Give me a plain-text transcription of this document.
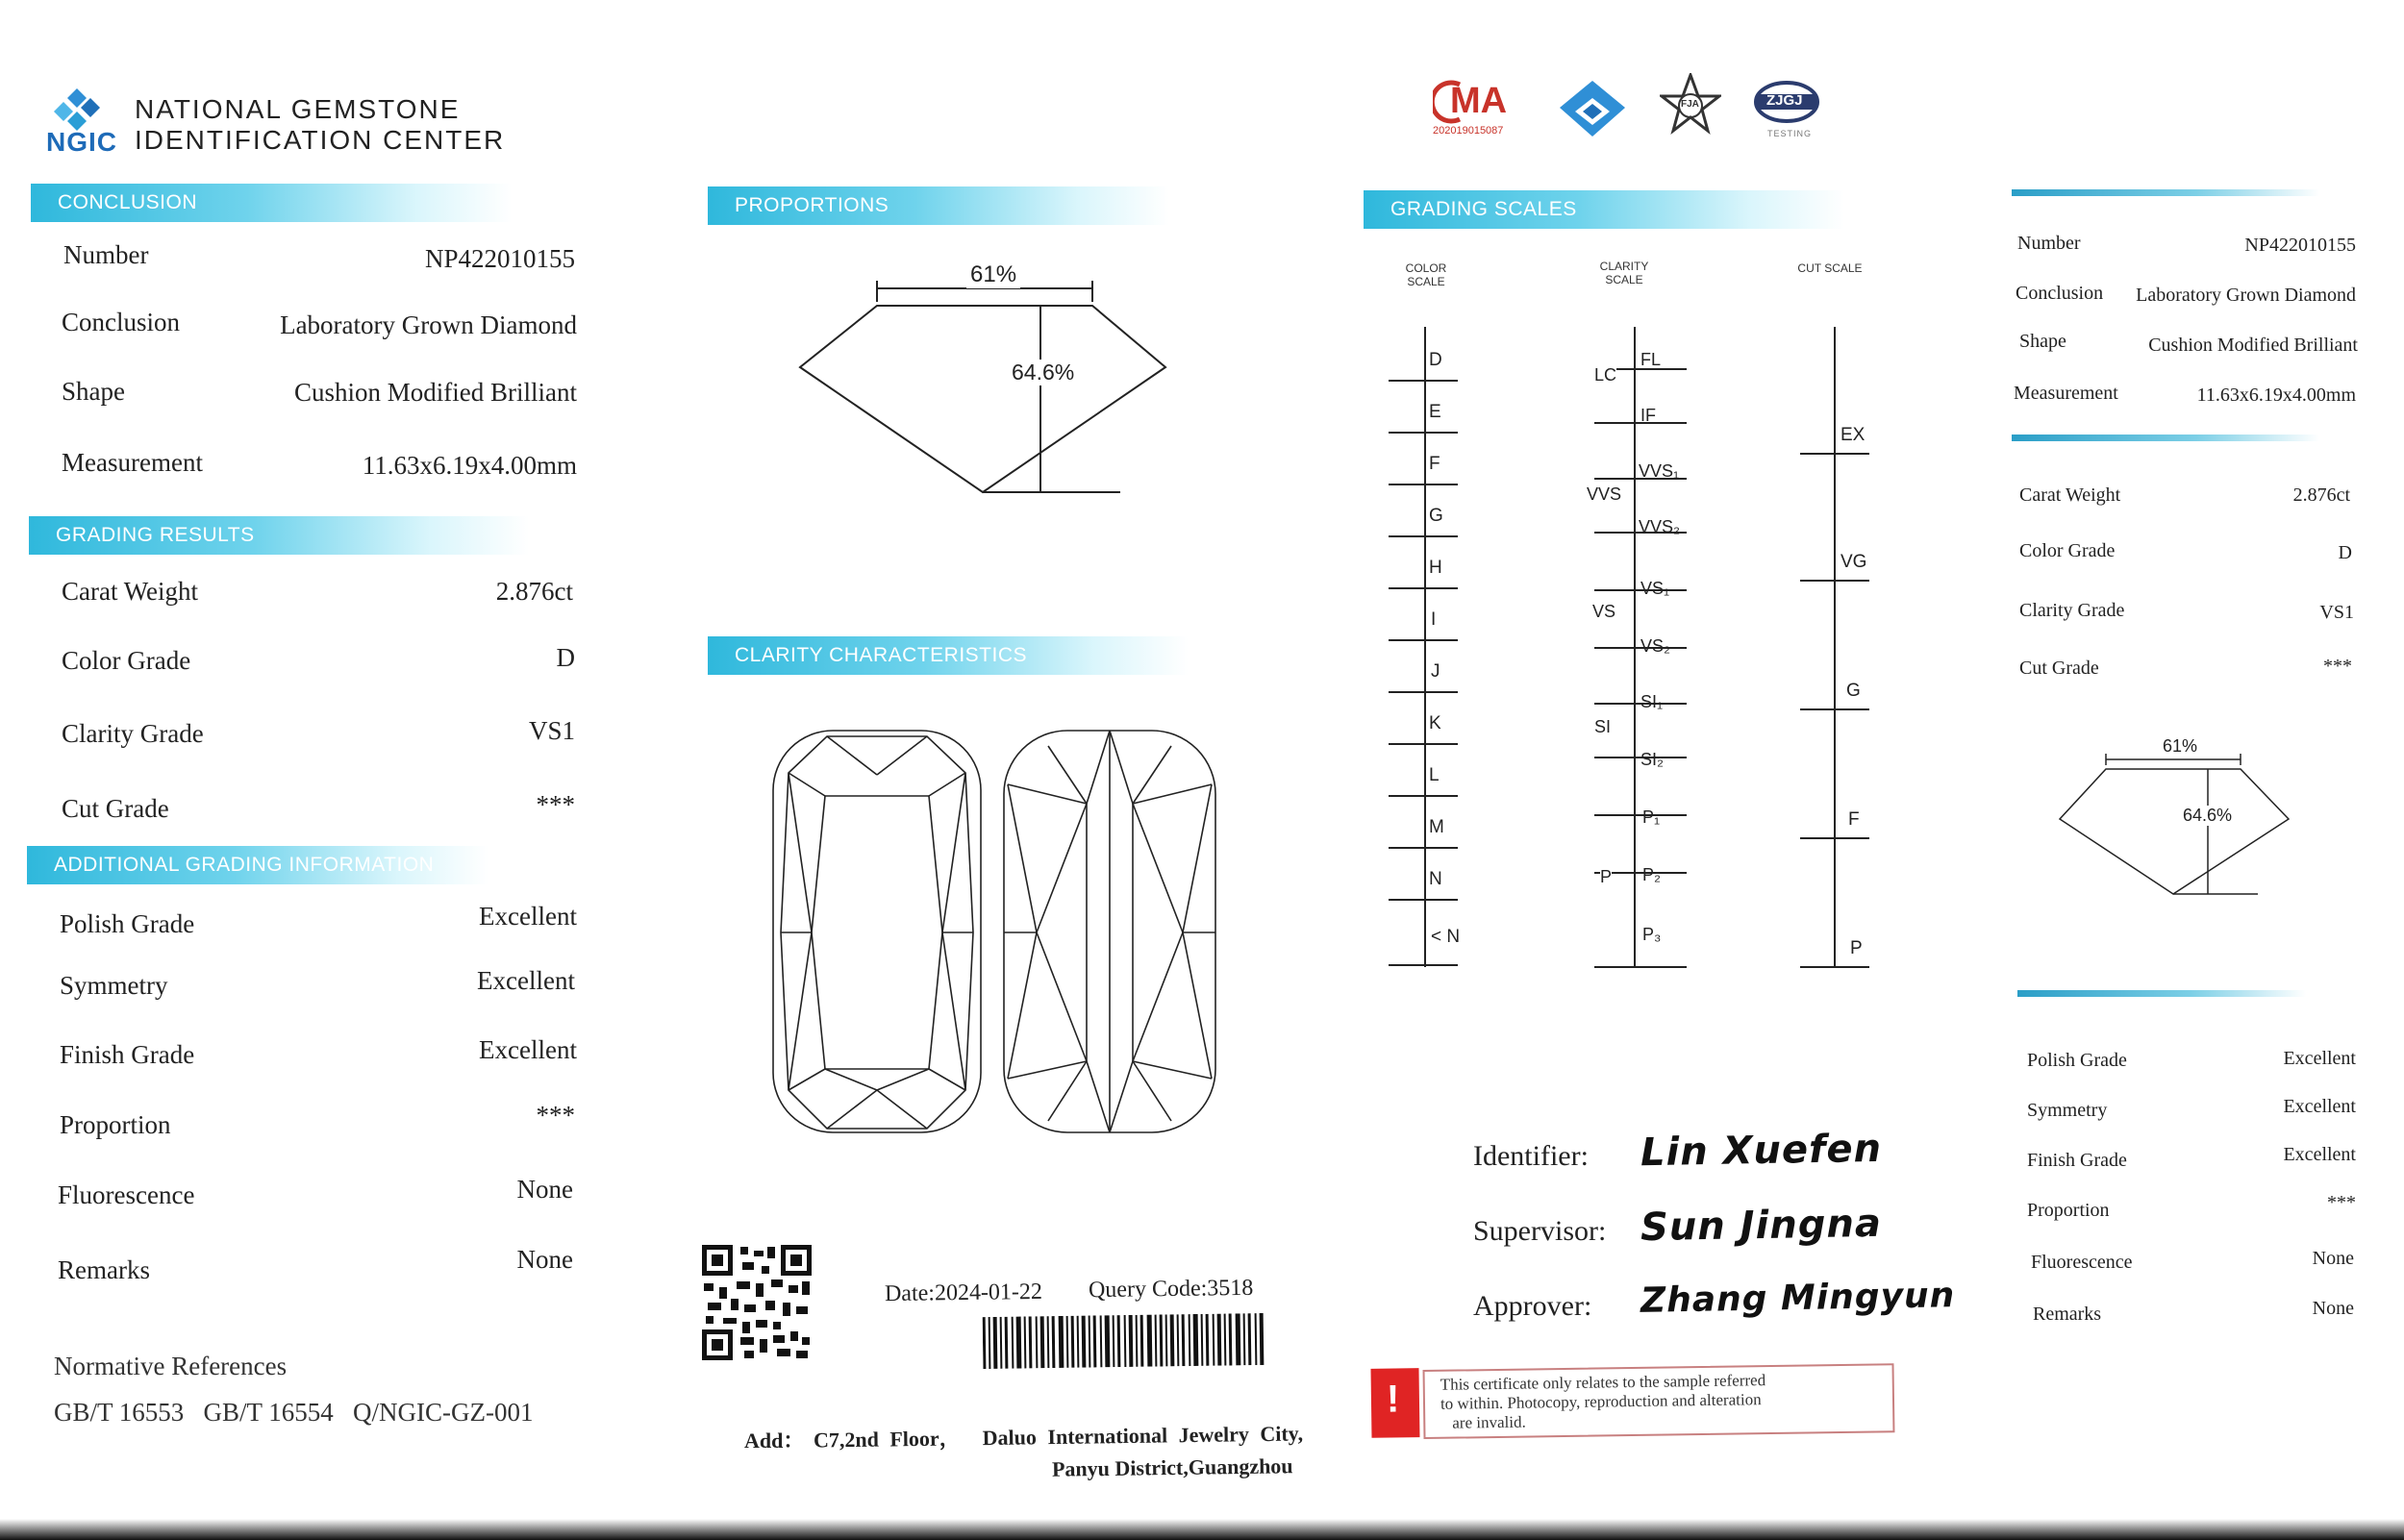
NGIC
NATIONAL GEMSTONE
IDENTIFICATION CENTER
CONCLUSION
Number	NP422010155
Conclusion	Laboratory Grown Diamond
Shape	Cushion Modified Brilliant
Measurement	11.63x6.19x4.00mm
GRADING RESULTS
Carat Weight	2.876ct
Color Grade	D
Clarity Grade	VS1
Cut Grade	***
ADDITIONAL GRADING INFORMATION
Polish Grade	Excellent
Symmetry	Excellent
Finish Grade	Excellent
Proportion	***
Fluorescence	None
Remarks	None
Normative References
GB/T 16553   GB/T 16554   Q/NGIC-GZ-001
PROPORTIONS
61%
64.6%
CLARITY CHARACTERISTICS
Date:2024-01-22 Query Code:3518
Add： C7,2nd Floor，  Daluo International Jewelry City,
Panyu District,Guangzhou
MA
202019015087
FJA	ZJGJ
TESTING
GRADING SCALES
COLOR SCALE
CLARITY SCALE
CUT SCALE
D
E
F
G
H
I
J
K
L
M
N
< N
LC
VVS
VS
SI
P
FL
IF
VVS₁
VVS₂
VS₁
VS₂
SI₁
SI₂
P₁
P₂
P₃
EX
VG
G
F
P
Identifier: Lin Xuefen
Supervisor: Sun Jingna
Approver: Zhang Mingyun
! This certificate only relates to the sample referred
to within. Photocopy, reproduction and alteration
are invalid.
Number	NP422010155
Conclusion Laboratory Grown Diamond
Shape	Cushion Modified Brilliant
Measurement	11.63x6.19x4.00mm
Carat Weight	2.876ct
Color Grade	D
Clarity Grade	VS1
Cut Grade	***
61%
64.6%
Polish Grade	Excellent
Symmetry	Excellent
Finish Grade	Excellent
Proportion	***
Fluorescence	None
Remarks	None
